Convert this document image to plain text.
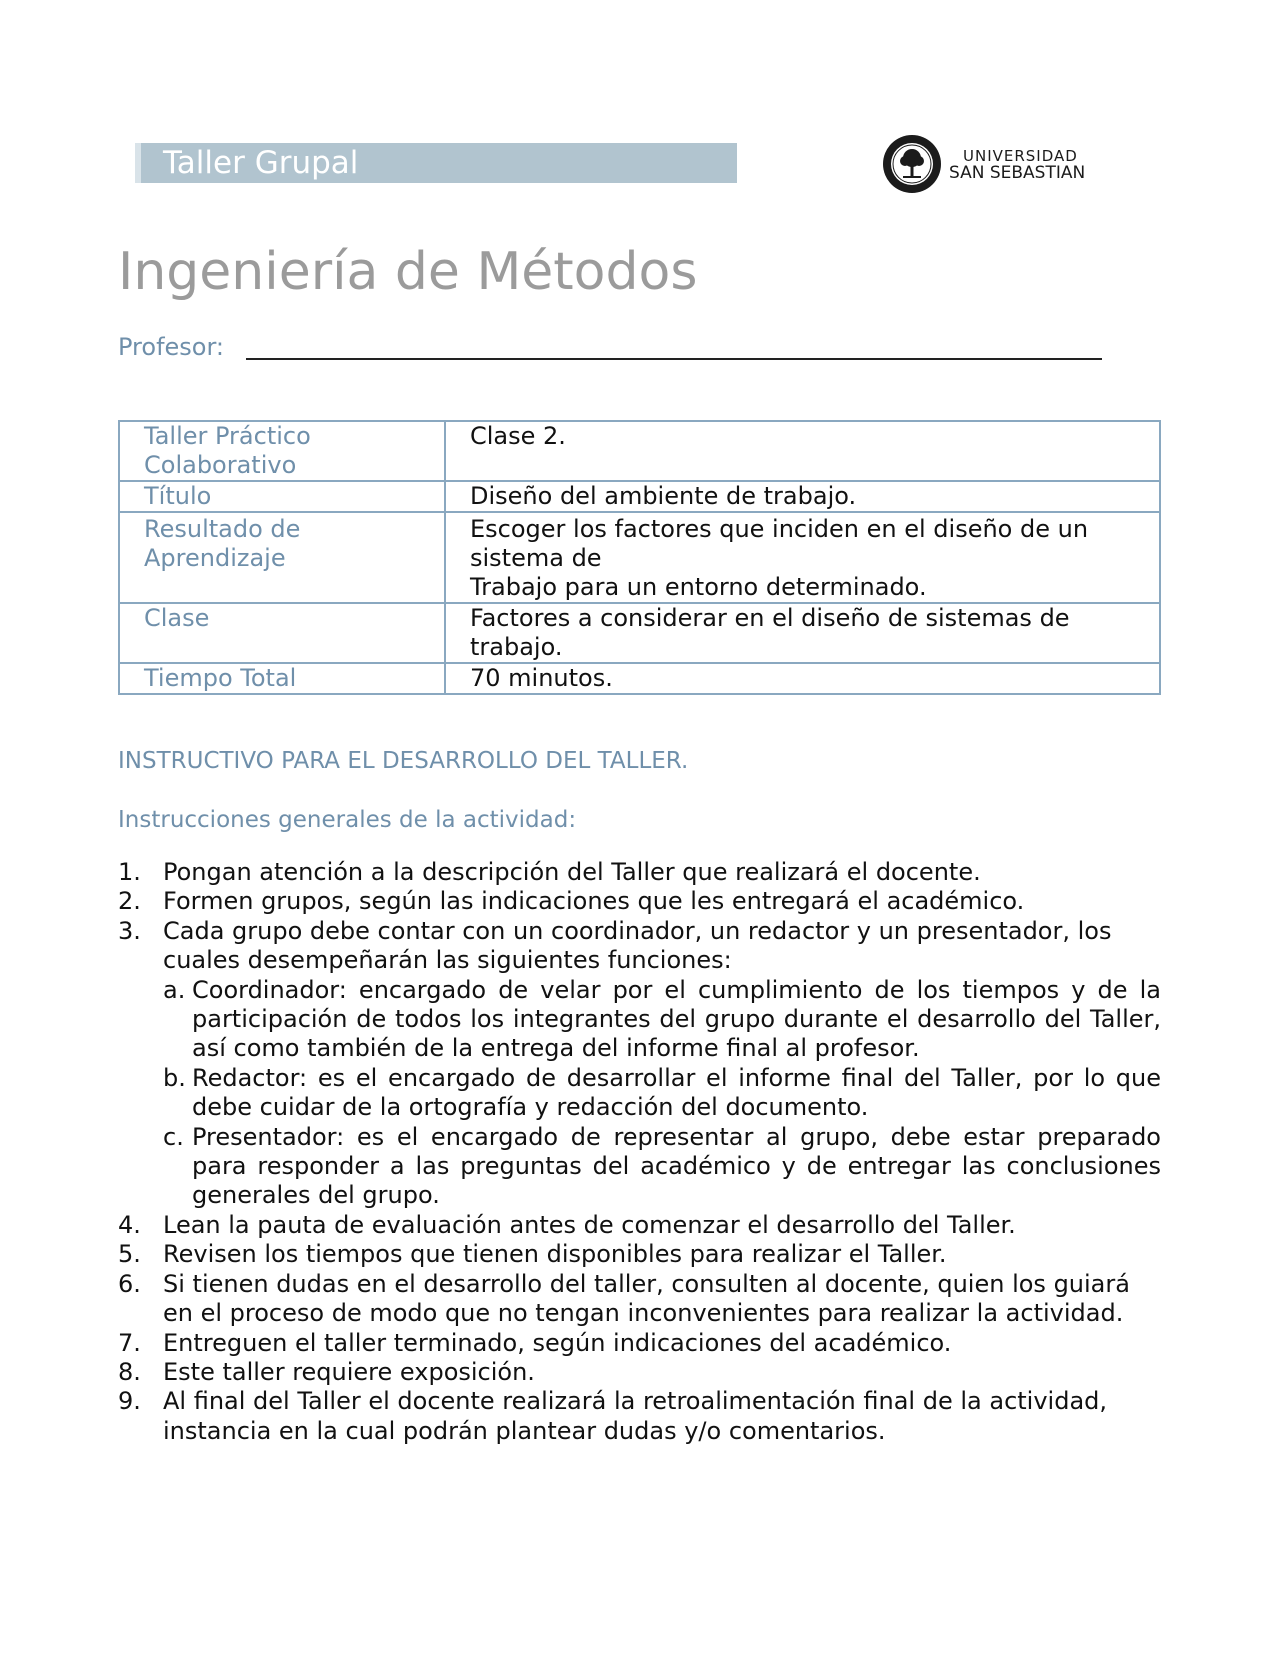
Taller Grupal	UNIVERSIDAD
SAN SEBASTIAN
Ingeniería de Métodos
Profesor:
Taller Práctico Colaborativo	Clase 2.
Título	Diseño del ambiente de trabajo.
Resultado de Aprendizaje	Escoger los factores que inciden en el diseño de un sistema de
Trabajo para un entorno determinado.
Clase	Factores a considerar en el diseño de sistemas de trabajo.
Tiempo Total	70 minutos.
INSTRUCTIVO PARA EL DESARROLLO DEL TALLER.
Instrucciones generales de la actividad:
1. Pongan atención a la descripción del Taller que realizará el docente.
2. Formen grupos, según las indicaciones que les entregará el académico.
3. Cada grupo debe contar con un coordinador, un redactor y un presentador, los cuales desempeñarán las siguientes funciones:
a. Coordinador: encargado de velar por el cumplimiento de los tiempos y de la participación de todos los integrantes del grupo durante el desarrollo del Taller, así como también de la entrega del informe final al profesor.
b. Redactor: es el encargado de desarrollar el informe final del Taller, por lo que debe cuidar de la ortografía y redacción del documento.
c. Presentador: es el encargado de representar al grupo, debe estar preparado para responder a las preguntas del académico y de entregar las conclusiones generales del grupo.
4. Lean la pauta de evaluación antes de comenzar el desarrollo del Taller.
5. Revisen los tiempos que tienen disponibles para realizar el Taller.
6. Si tienen dudas en el desarrollo del taller, consulten al docente, quien los guiará en el proceso de modo que no tengan inconvenientes para realizar la actividad.
7. Entreguen el taller terminado, según indicaciones del académico.
8. Este taller requiere exposición.
9. Al final del Taller el docente realizará la retroalimentación final de la actividad, instancia en la cual podrán plantear dudas y/o comentarios.
